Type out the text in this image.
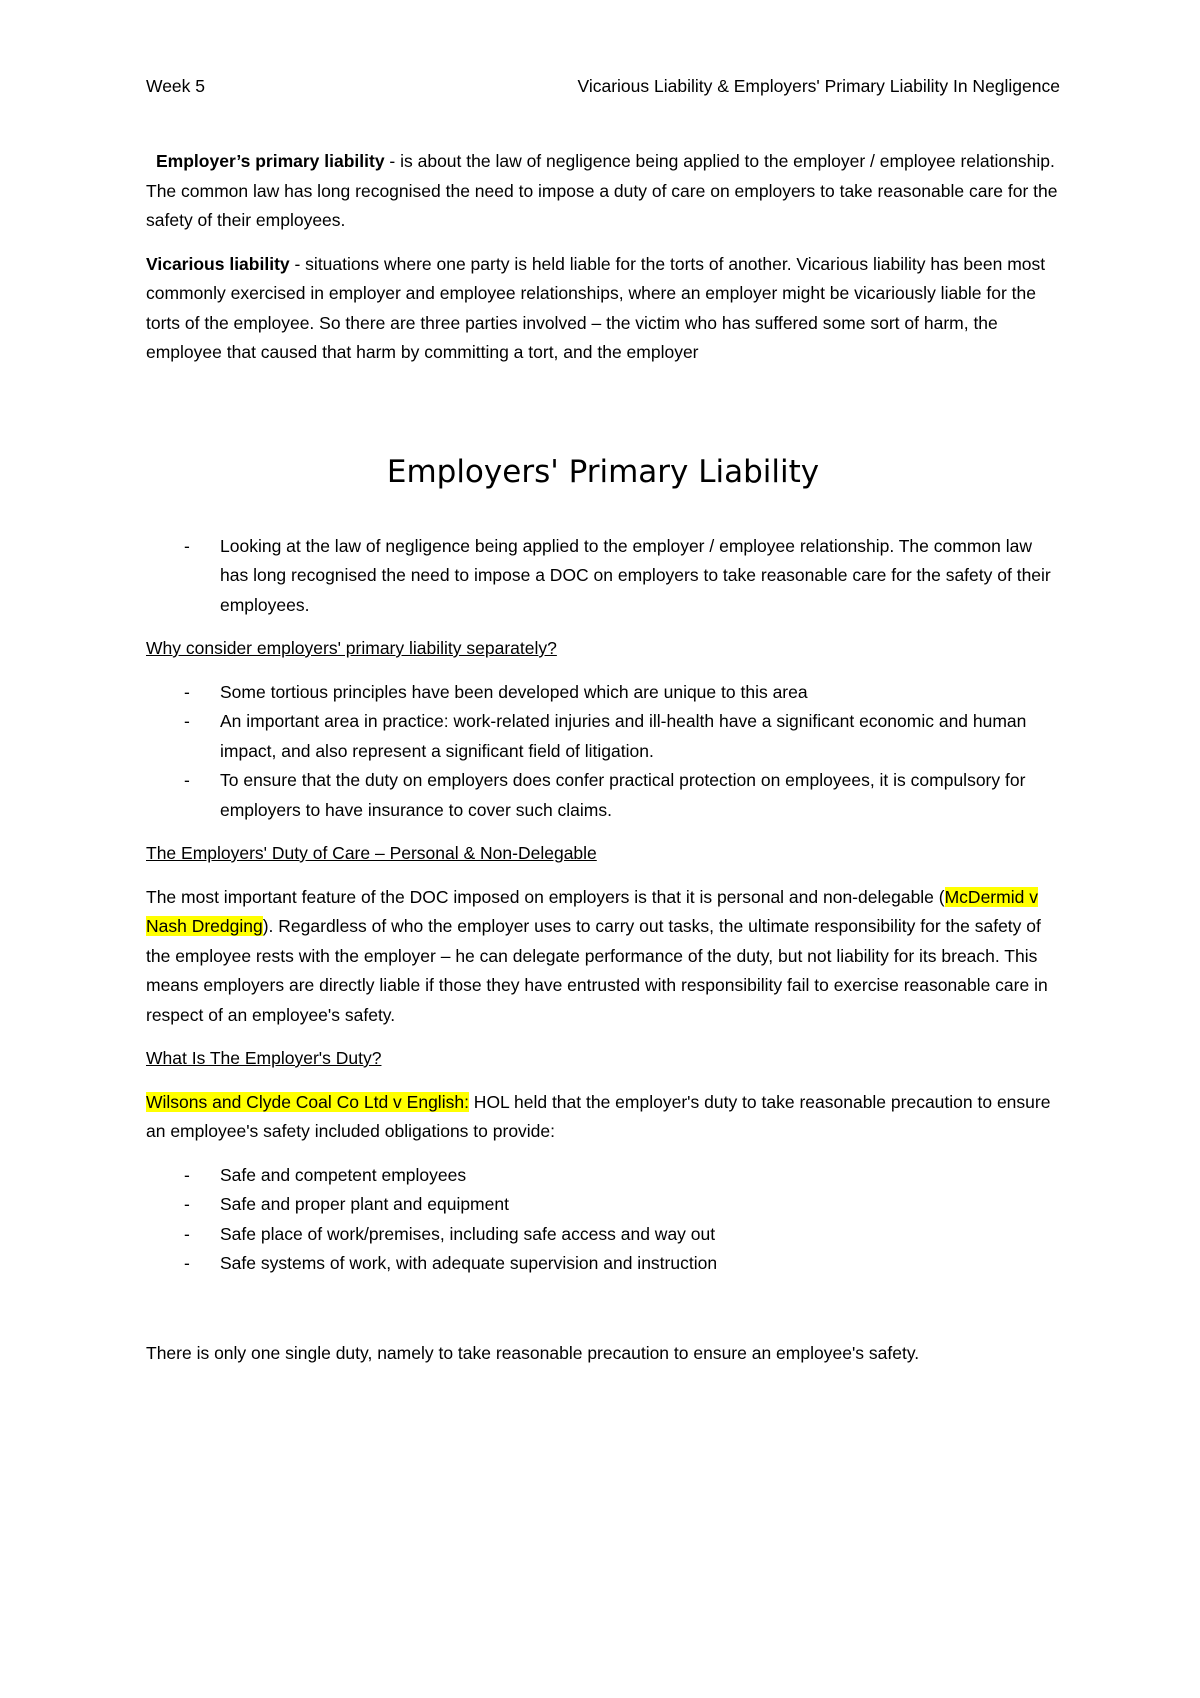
Week 5	Vicarious Liability & Employers' Primary Liability In Negligence

Employer’s primary liability - is about the law of negligence being applied to the employer / employee relationship. The common law has long recognised the need to impose a duty of care on employers to take reasonable care for the safety of their employees.

Vicarious liability - situations where one party is held liable for the torts of another. Vicarious liability has been most commonly exercised in employer and employee relationships, where an employer might be vicariously liable for the torts of the employee. So there are three parties involved – the victim who has suffered some sort of harm, the employee that caused that harm by committing a tort, and the employer

Employers' Primary Liability
- Looking at the law of negligence being applied to the employer / employee relationship. The common law has long recognised the need to impose a DOC on employers to take reasonable care for the safety of their employees.
Why consider employers' primary liability separately?
- Some tortious principles have been developed which are unique to this area
- An important area in practice: work-related injuries and ill-health have a significant economic and human impact, and also represent a significant field of litigation.
- To ensure that the duty on employers does confer practical protection on employees, it is compulsory for employers to have insurance to cover such claims.
The Employers' Duty of Care – Personal & Non-Delegable

The most important feature of the DOC imposed on employers is that it is personal and non-delegable (McDermid v Nash Dredging). Regardless of who the employer uses to carry out tasks, the ultimate responsibility for the safety of the employee rests with the employer – he can delegate performance of the duty, but not liability for its breach. This means employers are directly liable if those they have entrusted with responsibility fail to exercise reasonable care in respect of an employee's safety.

What Is The Employer's Duty?

Wilsons and Clyde Coal Co Ltd v English: HOL held that the employer's duty to take reasonable precaution to ensure an employee's safety included obligations to provide:

- Safe and competent employees
- Safe and proper plant and equipment
- Safe place of work/premises, including safe access and way out
- Safe systems of work, with adequate supervision and instruction

There is only one single duty, namely to take reasonable precaution to ensure an employee's safety.
